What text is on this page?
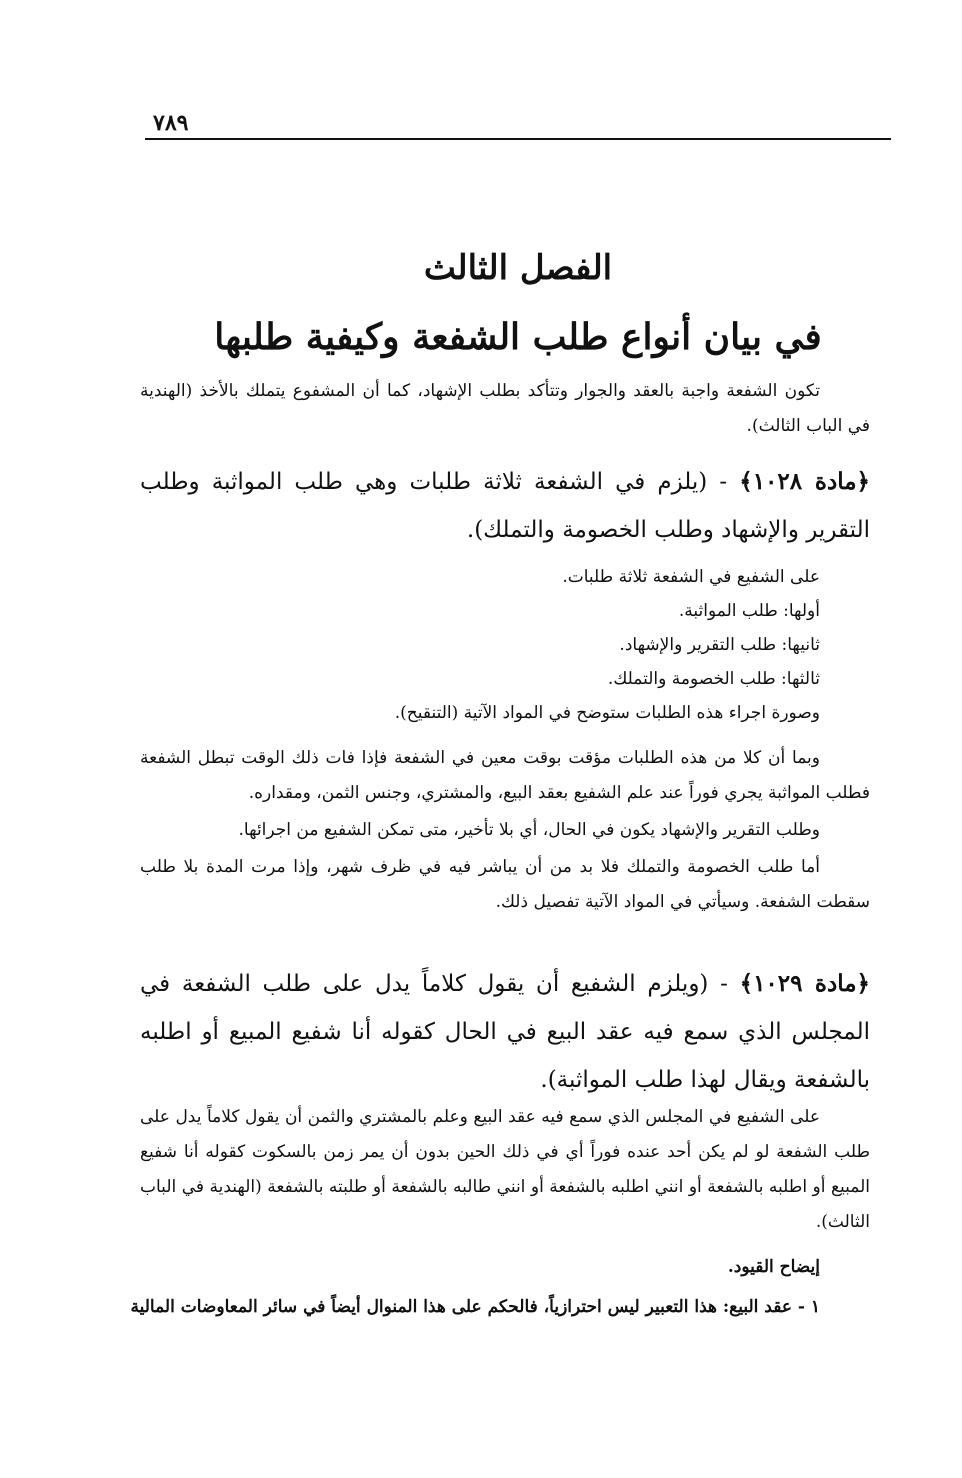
٧٨٩
الفصل الثالث
في بيان أنواع طلب الشفعة وكيفية طلبها

تكون الشفعة واجبة بالعقد والجوار وتتأكد بطلب الإشهاد، كما أن المشفوع يتملك بالأخذ (الهندية في الباب الثالث).

﴿مادة ١٠٢٨﴾ - (يلزم في الشفعة ثلاثة طلبات وهي طلب المواثبة وطلب التقرير والإشهاد وطلب الخصومة والتملك).

على الشفيع في الشفعة ثلاثة طلبات.

أولها: طلب المواثبة.

ثانيها: طلب التقرير والإشهاد.

ثالثها: طلب الخصومة والتملك.

وصورة اجراء هذه الطلبات ستوضح في المواد الآتية (التنقيح).

وبما أن كلا من هذه الطلبات مؤقت بوقت معين في الشفعة فإذا فات ذلك الوقت تبطل الشفعة فطلب المواثبة يجري فوراً عند علم الشفيع بعقد البيع، والمشتري، وجنس الثمن، ومقداره.

وطلب التقرير والإشهاد يكون في الحال، أي بلا تأخير، متى تمكن الشفيع من اجرائها.

أما طلب الخصومة والتملك فلا بد من أن يباشر فيه في ظرف شهر، وإذا مرت المدة بلا طلب سقطت الشفعة. وسيأتي في المواد الآتية تفصيل ذلك.

﴿مادة ١٠٢٩﴾ - (ويلزم الشفيع أن يقول كلاماً يدل على طلب الشفعة في المجلس الذي سمع فيه عقد البيع في الحال كقوله أنا شفيع المبيع أو اطلبه بالشفعة ويقال لهذا طلب المواثبة).

على الشفيع في المجلس الذي سمع فيه عقد البيع وعلم بالمشتري والثمن أن يقول كلاماً يدل على طلب الشفعة لو لم يكن أحد عنده فوراً أي في ذلك الحين بدون أن يمر زمن بالسكوت كقوله أنا شفيع المبيع أو اطلبه بالشفعة أو انني اطلبه بالشفعة أو انني طالبه بالشفعة أو طلبته بالشفعة (الهندية في الباب الثالث).

إيضاح القيود.

١ - عقد البيع: هذا التعبير ليس احترازياً، فالحكم على هذا المنوال أيضاً في سائر المعاوضات المالية
